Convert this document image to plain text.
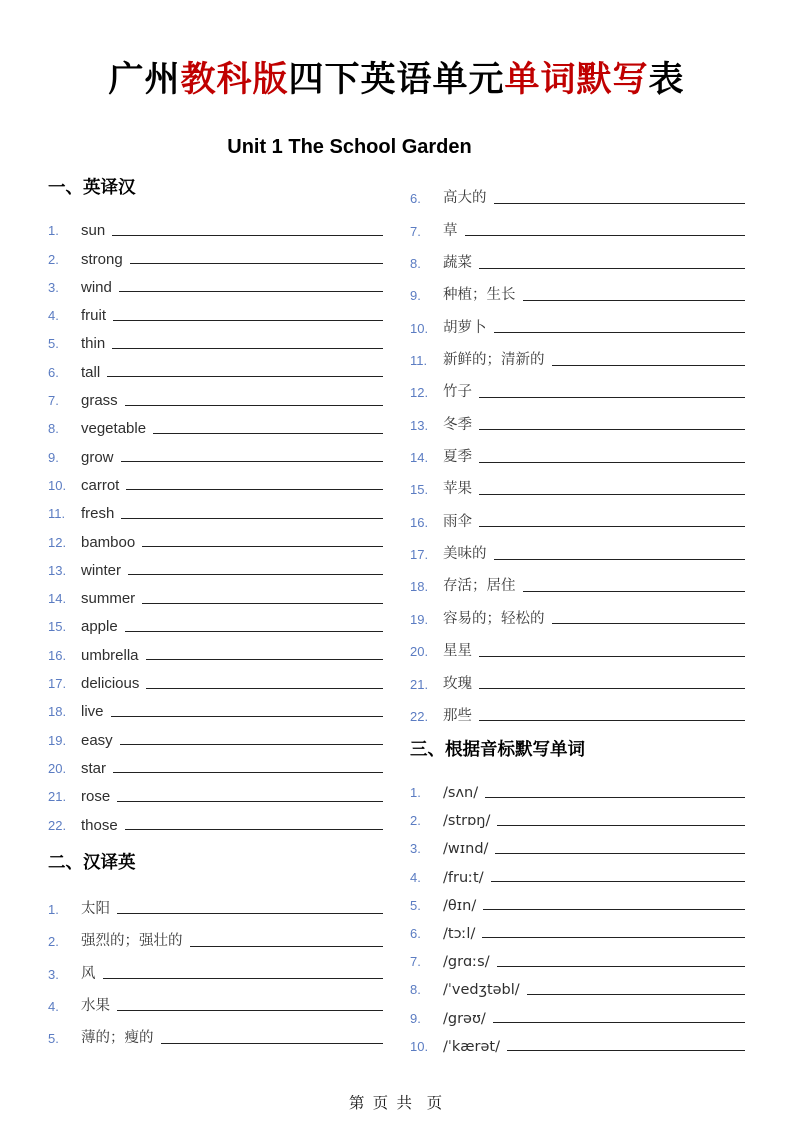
广州教科版四下英语单元单词默写表
Unit 1 The School Garden
一、英译汉
1.	sun
2.	strong
3.	wind
4.	fruit
5.	thin
6.	tall
7.	grass
8.	vegetable
9.	grow
10. carrot
11.	fresh
12. bamboo
13. winter
14. summer
15. apple
16. umbrella
17. delicious
18. live
19. easy
20. star
21. rose
22. those
二、汉译英
1.	太阳
2.	强烈的；强壮的
3.	风
4.	水果
5.	薄的；瘦的
6.	高大的
7.	草
8.	蔬菜
9.	种植；生长
10.	胡萝卜
11.	新鲜的；清新的
12.	竹子
13.	冬季
14.	夏季
15.	苹果
16.	雨伞
17.	美味的
18.	存活；居住
19.	容易的；轻松的
20.	星星
21.	玫瑰
22.	那些
三、根据音标默写单词
1.	/sʌn/
2.	/strɒŋ/
3.	/wɪnd/
4.	/fruːt/
5.	/θɪn/
6.	/tɔːl/
7.	/grɑːs/
8.	/ˈvedʒtəbl/
9.	/grəʊ/
10.	/ˈkærət/
第 页 共  页
